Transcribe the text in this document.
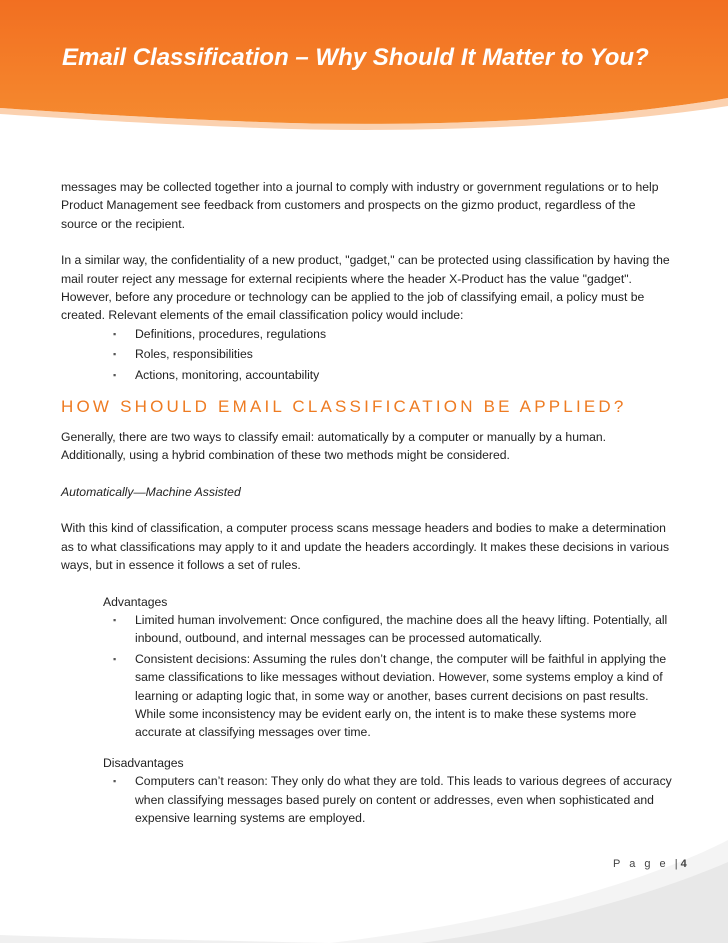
Email Classification – Why Should It Matter to You?

messages may be collected together into a journal to comply with industry or government regulations or to help Product Management see feedback from customers and prospects on the gizmo product, regardless of the source or the recipient.

In a similar way, the confidentiality of a new product, "gadget," can be protected using classification by having the mail router reject any message for external recipients where the header X-Product has the value "gadget". However, before any procedure or technology can be applied to the job of classifying email, a policy must be created. Relevant elements of the email classification policy would include:

▪ Definitions, procedures, regulations
▪ Roles, responsibilities
▪ Actions, monitoring, accountability
HOW SHOULD EMAIL CLASSIFICATION BE APPLIED?

Generally, there are two ways to classify email: automatically by a computer or manually by a human. Additionally, using a hybrid combination of these two methods might be considered.

Automatically—Machine Assisted

With this kind of classification, a computer process scans message headers and bodies to make a determination as to what classifications may apply to it and update the headers accordingly. It makes these decisions in various ways, but in essence it follows a set of rules.

Advantages

▪ Limited human involvement: Once configured, the machine does all the heavy lifting. Potentially, all inbound, outbound, and internal messages can be processed automatically.
▪ Consistent decisions: Assuming the rules don’t change, the computer will be faithful in applying the same classifications to like messages without deviation. However, some systems employ a kind of learning or adapting logic that, in some way or another, bases current decisions on past results. While some inconsistency may be evident early on, the intent is to make these systems more accurate at classifying messages over time.

Disadvantages

▪ Computers can’t reason: They only do what they are told. This leads to various degrees of accuracy when classifying messages based purely on content or addresses, even when sophisticated and expensive learning systems are employed.
P a g e |4
